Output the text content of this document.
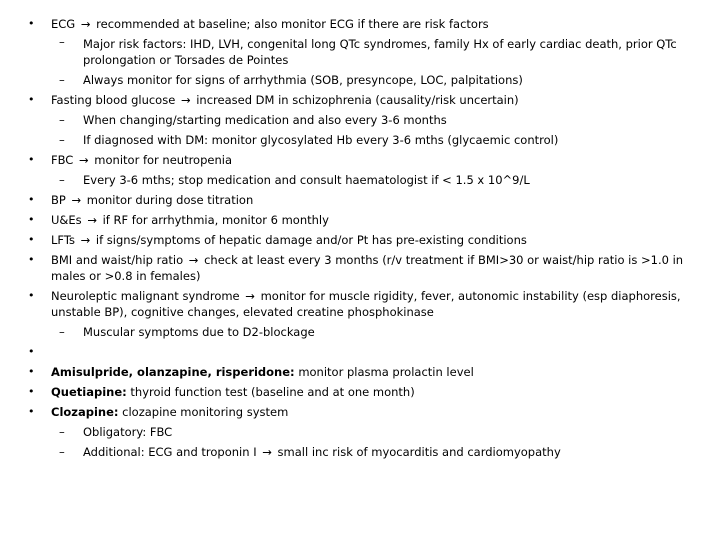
• ECG → recommended at baseline; also monitor ECG if there are risk factors
– Major risk factors: IHD, LVH, congenital long QTc syndromes, family Hx of early cardiac death, prior QTc prolongation or Torsades de Pointes
– Always monitor for signs of arrhythmia (SOB, presyncope, LOC, palpitations)
• Fasting blood glucose → increased DM in schizophrenia (causality/risk uncertain)
– When changing/starting medication and also every 3-6 months
– If diagnosed with DM: monitor glycosylated Hb every 3-6 mths (glycaemic control)
• FBC → monitor for neutropenia
– Every 3-6 mths; stop medication and consult haematologist if < 1.5 x 10^9/L
• BP → monitor during dose titration
• U&Es → if RF for arrhythmia, monitor 6 monthly
• LFTs → if signs/symptoms of hepatic damage and/or Pt has pre-existing conditions
• BMI and waist/hip ratio → check at least every 3 months (r/v treatment if BMI>30 or waist/hip ratio is >1.0 in males or >0.8 in females)
• Neuroleptic malignant syndrome → monitor for muscle rigidity, fever, autonomic instability (esp diaphoresis, unstable BP), cognitive changes, elevated creatine phosphokinase
– Muscular symptoms due to D2-blockage
•
• Amisulpride, olanzapine, risperidone: monitor plasma prolactin level
• Quetiapine: thyroid function test (baseline and at one month)
• Clozapine: clozapine monitoring system
– Obligatory: FBC
– Additional: ECG and troponin I → small inc risk of myocarditis and cardiomyopathy
